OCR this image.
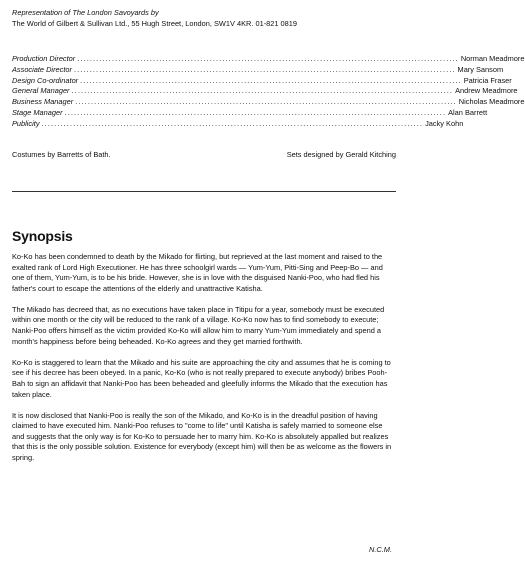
Representation of The London Savoyards by
The World of Gilbert & Sullivan Ltd., 55 Hugh Street, London, SW1V 4KR. 01-821 0819
Production Director ......................................................................................................................... Norman Meadmore
Associate Director ......................................................................................................................... Mary Sansom
Design Co-ordinator ......................................................................................................................... Patricia Fraser
General Manager ......................................................................................................................... Andrew Meadmore
Business Manager ......................................................................................................................... Nicholas Meadmore
Stage Manager ......................................................................................................................... Alan Barrett
Publicity ......................................................................................................................... Jacky Kohn
Costumes by Barretts of Bath.	Sets designed by Gerald Kitching
Synopsis

Ko-Ko has been condemned to death by the Mikado for flirting, but reprieved at the last moment and raised to the exalted rank of Lord High Executioner. He has three schoolgirl wards — Yum-Yum, Pitti-Sing and Peep-Bo — and one of them, Yum-Yum, is to be his bride. However, she is in love with the disguised Nanki-Poo, who had fled his father's court to escape the attentions of the elderly and unattractive Katisha.

The Mikado has decreed that, as no executions have taken place in Titipu for a year, somebody must be executed within one month or the city will be reduced to the rank of a village. Ko-Ko now has to find somebody to execute; Nanki-Poo offers himself as the victim provided Ko-Ko will allow him to marry Yum-Yum immediately and spend a month's happiness before being beheaded. Ko-Ko agrees and they get married forthwith.

Ko-Ko is staggered to learn that the Mikado and his suite are approaching the city and assumes that he is coming to see if his decree has been obeyed. In a panic, Ko-Ko (who is not really prepared to execute anybody) bribes Pooh-Bah to sign an affidavit that Nanki-Poo has been beheaded and gleefully informs the Mikado that the execution has taken place.

It is now disclosed that Nanki-Poo is really the son of the Mikado, and Ko-Ko is in the dreadful position of having claimed to have executed him. Nanki-Poo refuses to "come to life" until Katisha is safely married to someone else and suggests that the only way is for Ko-Ko to persuade her to marry him. Ko-Ko is absolutely appalled but realizes that this is the only possible solution. Existence for everybody (except him) will then be as welcome as the flowers in spring.

N.C.M.
